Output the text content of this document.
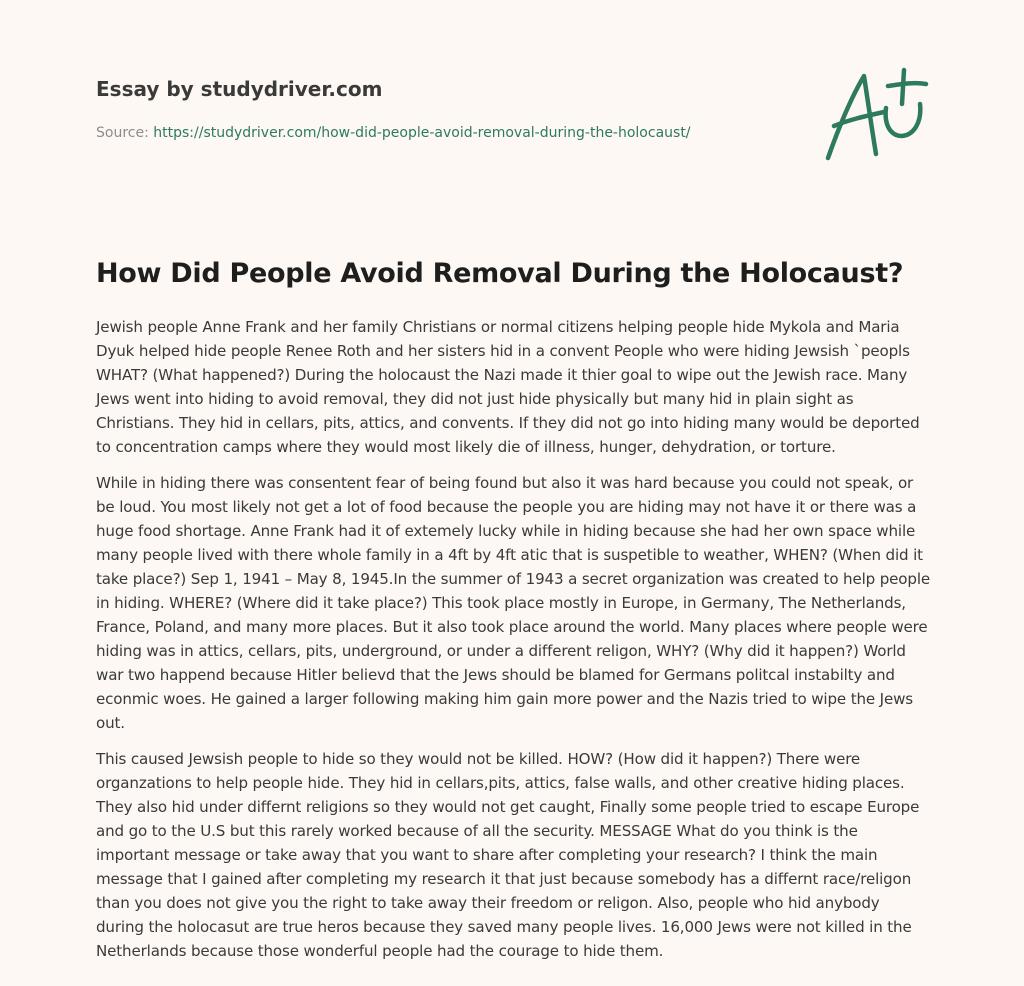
Essay by studydriver.com
Source: https://studydriver.com/how-did-people-avoid-removal-during-the-holocaust/
How Did People Avoid Removal During the Holocaust?

Jewish people Anne Frank and her family Christians or normal citizens helping people hide Mykola and Maria Dyuk helped hide people Renee Roth and her sisters hid in a convent People who were hiding Jewsish `peopls WHAT? (What happened?) During the holocaust the Nazi made it thier goal to wipe out the Jewish race. Many Jews went into hiding to avoid removal, they did not just hide physically but many hid in plain sight as Christians. They hid in cellars, pits, attics, and convents. If they did not go into hiding many would be deported to concentration camps where they would most likely die of illness, hunger, dehydration, or torture.

While in hiding there was consentent fear of being found but also it was hard because you could not speak, or be loud. You most likely not get a lot of food because the people you are hiding may not have it or there was a huge food shortage. Anne Frank had it of extemely lucky while in hiding because she had her own space while many people lived with there whole family in a 4ft by 4ft atic that is suspetible to weather, WHEN? (When did it take place?) Sep 1, 1941 – May 8, 1945.In the summer of 1943 a secret organization was created to help people in hiding. WHERE? (Where did it take place?) This took place mostly in Europe, in Germany, The Netherlands, France, Poland, and many more places. But it also took place around the world. Many places where people were hiding was in attics, cellars, pits, underground, or under a different religon, WHY? (Why did it happen?) World war two happend because Hitler believd that the Jews should be blamed for Germans politcal instabilty and econmic woes. He gained a larger following making him gain more power and the Nazis tried to wipe the Jews out.

This caused Jewsish people to hide so they would not be killed. HOW? (How did it happen?) There were organzations to help people hide. They hid in cellars,pits, attics, false walls, and other creative hiding places. They also hid under differnt religions so they would not get caught, Finally some people tried to escape Europe and go to the U.S but this rarely worked because of all the security. MESSAGE What do you think is the important message or take away that you want to share after completing your research? I think the main message that I gained after completing my research it that just because somebody has a differnt race/religon than you does not give you the right to take away their freedom or religon. Also, people who hid anybody during the holocasut are true heros because they saved many people lives. 16,000 Jews were not killed in the Netherlands because those wonderful people had the courage to hide them.
